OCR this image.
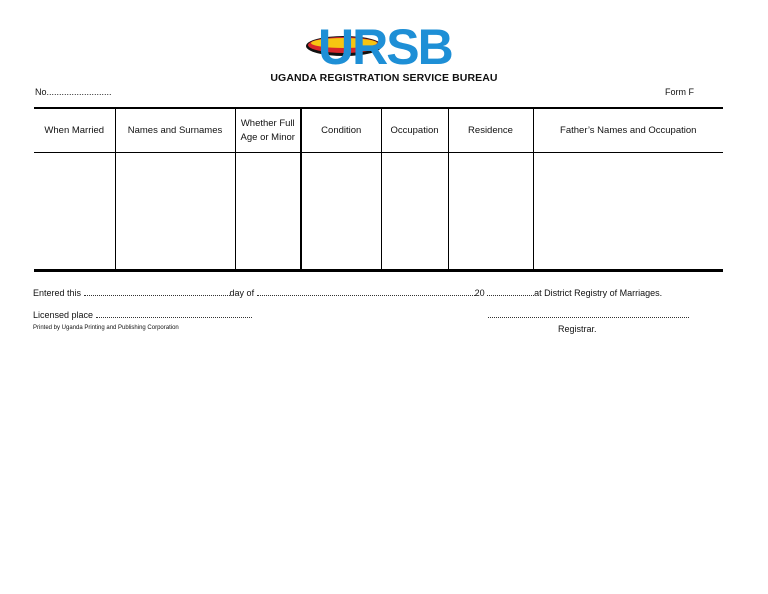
URSB
UGANDA REGISTRATION SERVICE BUREAU
No..........................	Form F
When Married	Names and Surnames	Whether Full Age or Minor	Condition	Occupation	Residence	Father’s Names and Occupation

Entered this	day of	20	at District Registry of Marriages.
Licensed place
Printed by Uganda Printing and Publishing Corporation	Registrar.
